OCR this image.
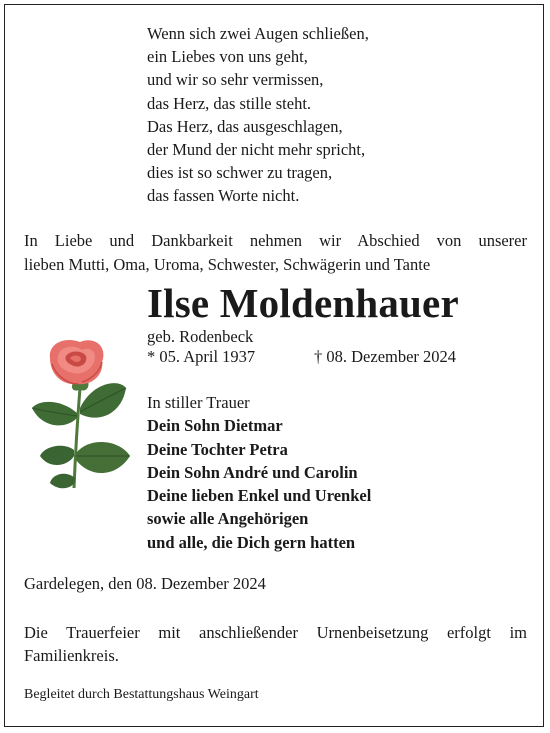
Wenn sich zwei Augen schließen,
ein Liebes von uns geht,
und wir so sehr vermissen,
das Herz, das stille steht.
Das Herz, das ausgeschlagen,
der Mund der nicht mehr spricht,
dies ist so schwer zu tragen,
das fassen Worte nicht.
In Liebe und Dankbarkeit nehmen wir Abschied von unserer
lieben Mutti, Oma, Uroma, Schwester, Schwägerin und Tante
Ilse Moldenhauer
geb. Rodenbeck
* 05. April 1937	† 08. Dezember 2024
In stiller Trauer
Dein Sohn Dietmar
Deine Tochter Petra
Dein Sohn André und Carolin
Deine lieben Enkel und Urenkel
sowie alle Angehörigen
und alle, die Dich gern hatten
Gardelegen, den 08. Dezember 2024
Die Trauerfeier mit anschließender Urnenbeisetzung erfolgt im
Familienkreis.
Begleitet durch Bestattungshaus Weingart
